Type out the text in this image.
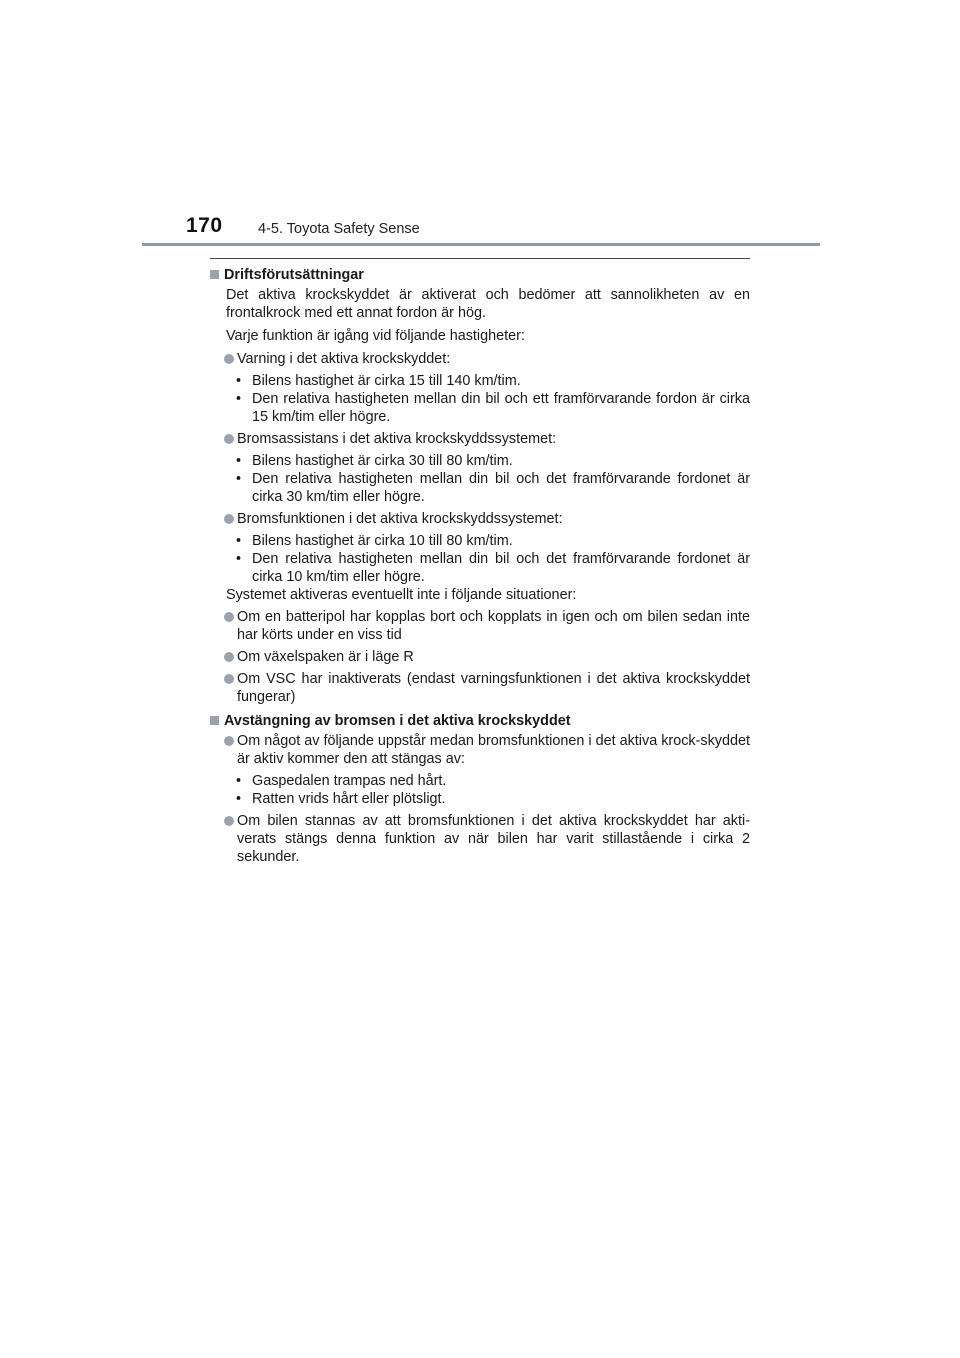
170 4-5. Toyota Safety Sense
Driftsförutsättningar

Det aktiva krockskyddet är aktiverat och bedömer att sannolikheten av en frontalkrock med ett annat fordon är hög.

Varje funktion är igång vid följande hastigheter:

Varning i det aktiva krockskyddet:
• Bilens hastighet är cirka 15 till 140 km/tim.
• Den relativa hastigheten mellan din bil och ett framförvarande fordon är cirka 15 km/tim eller högre.
Bromsassistans i det aktiva krockskyddssystemet:
• Bilens hastighet är cirka 30 till 80 km/tim.
• Den relativa hastigheten mellan din bil och det framförvarande fordonet är cirka 30 km/tim eller högre.
Bromsfunktionen i det aktiva krockskyddssystemet:
• Bilens hastighet är cirka 10 till 80 km/tim.
• Den relativa hastigheten mellan din bil och det framförvarande fordonet är cirka 10 km/tim eller högre.

Systemet aktiveras eventuellt inte i följande situationer:

Om en batteripol har kopplas bort och kopplats in igen och om bilen sedan inte har körts under en viss tid
Om växelspaken är i läge R
Om VSC har inaktiverats (endast varningsfunktionen i det aktiva krockskyddet fungerar)
Avstängning av bromsen i det aktiva krockskyddet
Om något av följande uppstår medan bromsfunktionen i det aktiva krock-skyddet är aktiv kommer den att stängas av:
• Gaspedalen trampas ned hårt.
• Ratten vrids hårt eller plötsligt.
Om bilen stannas av att bromsfunktionen i det aktiva krockskyddet har akti-verats stängs denna funktion av när bilen har varit stillastående i cirka 2 sekunder.
